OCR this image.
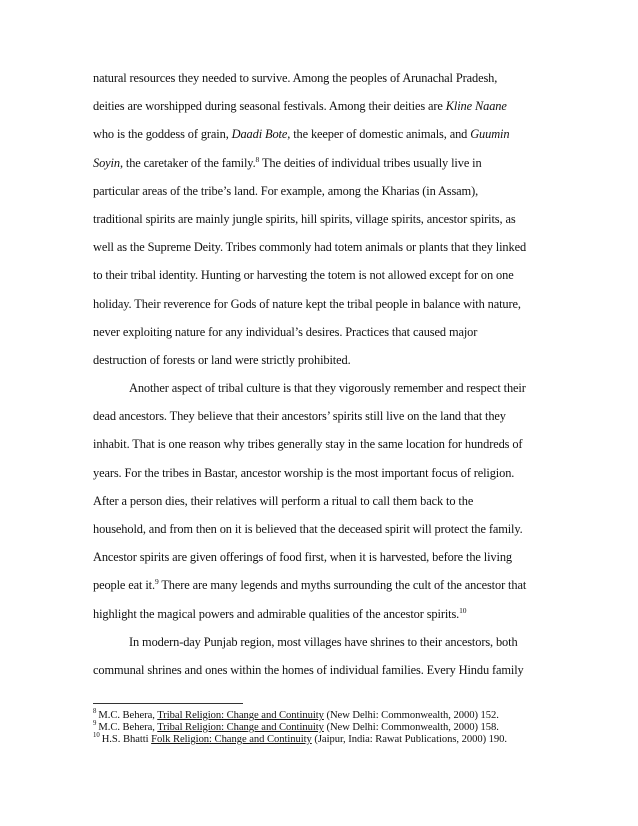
natural resources they needed to survive. Among the peoples of Arunachal Pradesh,
deities are worshipped during seasonal festivals. Among their deities are Kline Naane
who is the goddess of grain, Daadi Bote, the keeper of domestic animals, and Guumin
Soyin, the caretaker of the family.$^8$ The deities of individual tribes usually live in
particular areas of the tribe’s land. For example, among the Kharias (in Assam),
traditional spirits are mainly jungle spirits, hill spirits, village spirits, ancestor spirits, as
well as the Supreme Deity. Tribes commonly had totem animals or plants that they linked
to their tribal identity. Hunting or harvesting the totem is not allowed except for on one
holiday. Their reverence for Gods of nature kept the tribal people in balance with nature,
never exploiting nature for any individual’s desires. Practices that caused major
destruction of forests or land were strictly prohibited.
Another aspect of tribal culture is that they vigorously remember and respect their
dead ancestors. They believe that their ancestors’ spirits still live on the land that they
inhabit. That is one reason why tribes generally stay in the same location for hundreds of
years. For the tribes in Bastar, ancestor worship is the most important focus of religion.
After a person dies, their relatives will perform a ritual to call them back to the
household, and from then on it is believed that the deceased spirit will protect the family.
Ancestor spirits are given offerings of food first, when it is harvested, before the living
people eat it.$^9$ There are many legends and myths surrounding the cult of the ancestor that
highlight the magical powers and admirable qualities of the ancestor spirits.$^{10}$
In modern-day Punjab region, most villages have shrines to their ancestors, both
communal shrines and ones within the homes of individual families. Every Hindu family
$^8$ M.C. Behera, Tribal Religion: Change and Continuity (New Delhi: Commonwealth, 2000) 152.
$^9$ M.C. Behera, Tribal Religion: Change and Continuity (New Delhi: Commonwealth, 2000) 158.
$^{10}$ H.S. Bhatti Folk Religion: Change and Continuity (Jaipur, India: Rawat Publications, 2000) 190.
